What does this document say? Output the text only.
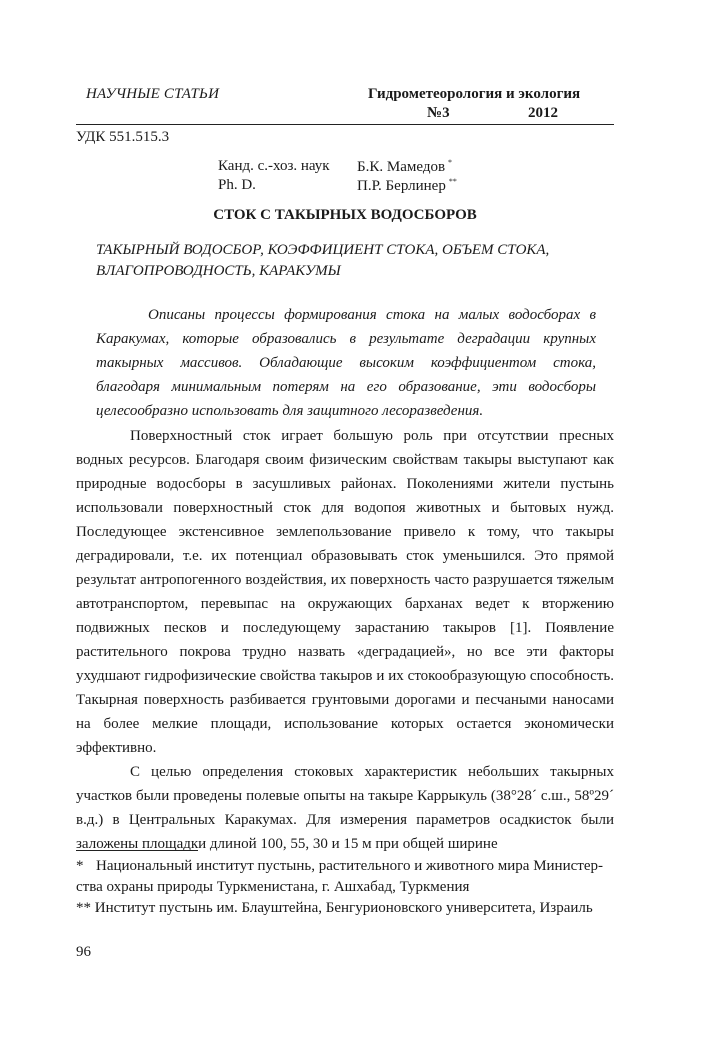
НАУЧНЫЕ СТАТЬИ	Гидрометеорология и экология
№3	2012
УДК 551.515.3
Канд. с.-хоз. наук Б.К. Мамедов *
Ph. D.	П.Р. Берлинер **
СТОК С ТАКЫРНЫХ ВОДОСБОРОВ
ТАКЫРНЫЙ ВОДОСБОР, КОЭФФИЦИЕНТ СТОКА, ОБЪЕМ СТОКА, ВЛАГОПРОВОДНОСТЬ, КАРАКУМЫ
Описаны процессы формирования стока на малых водосборах в Каракумах, которые образовались в результате деградации крупных такырных массивов. Обладающие высоким коэффициентом стока, благодаря минимальным потерям на его образование, эти водосборы целесообразно использовать для защитного лесоразведения.

Поверхностный сток играет большую роль при отсутствии пресных водных ресурсов. Благодаря своим физическим свойствам такыры выступают как природные водосборы в засушливых районах. Поколениями жители пустынь использовали поверхностный сток для водопоя животных и бытовых нужд. Последующее экстенсивное землепользование привело к тому, что такыры деградировали, т.е. их потенциал образовывать сток уменьшился. Это прямой результат антропогенного воздействия, их поверхность часто разрушается тяжелым автотранспортом, перевыпас на окружающих барханах ведет к вторжению подвижных песков и последующему зарастанию такыров [1]. Появление растительного покрова трудно назвать «деградацией», но все эти факторы ухудшают гидрофизические свойства такыров и их стокообразующую способность. Такырная поверхность разбивается грунтовыми дорогами и песчаными наносами на более мелкие площади, использование которых остается экономически эффективно.

С целью определения стоковых характеристик небольших такырных участков были проведены полевые опыты на такыре Каррыкуль (38°28´ с.ш., 58º29´ в.д.) в Центральных Каракумах. Для измерения параметров осадкисток были заложены площадки длиной 100, 55, 30 и 15 м при общей ширине

* Национальный институт пустынь, растительного и животного мира Министер-ства охраны природы Туркменистана, г. Ашхабад, Туркмения

** Институт пустынь им. Блауштейна, Бенгурионовского университета, Израиль

96
